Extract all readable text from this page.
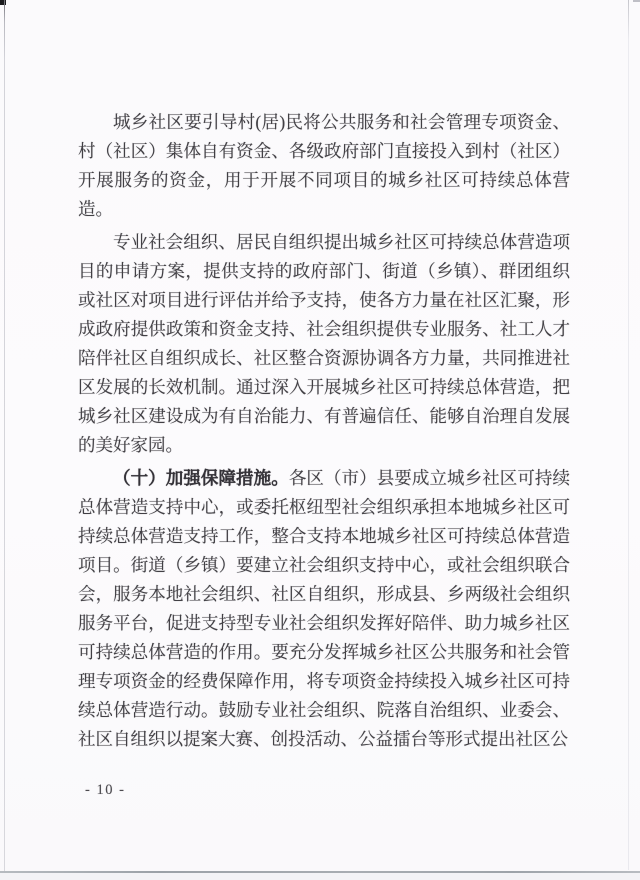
城乡社区要引导村(居)民将公共服务和社会管理专项资金、村（社区）集体自有资金、各级政府部门直接投入到村（社区）开展服务的资金，用于开展不同项目的城乡社区可持续总体营造。

专业社会组织、居民自组织提出城乡社区可持续总体营造项目的申请方案，提供支持的政府部门、街道（乡镇）、群团组织或社区对项目进行评估并给予支持，使各方力量在社区汇聚，形成政府提供政策和资金支持、社会组织提供专业服务、社工人才陪伴社区自组织成长、社区整合资源协调各方力量，共同推进社区发展的长效机制。通过深入开展城乡社区可持续总体营造，把城乡社区建设成为有自治能力、有普遍信任、能够自治理自发展的美好家园。

（十）加强保障措施。各区（市）县要成立城乡社区可持续总体营造支持中心，或委托枢纽型社会组织承担本地城乡社区可持续总体营造支持工作，整合支持本地城乡社区可持续总体营造项目。街道（乡镇）要建立社会组织支持中心，或社会组织联合会，服务本地社会组织、社区自组织，形成县、乡两级社会组织服务平台，促进支持型专业社会组织发挥好陪伴、助力城乡社区可持续总体营造的作用。要充分发挥城乡社区公共服务和社会管理专项资金的经费保障作用，将专项资金持续投入城乡社区可持续总体营造行动。鼓励专业社会组织、院落自治组织、业委会、社区自组织以提案大赛、创投活动、公益擂台等形式提出社区公

- 10 -
